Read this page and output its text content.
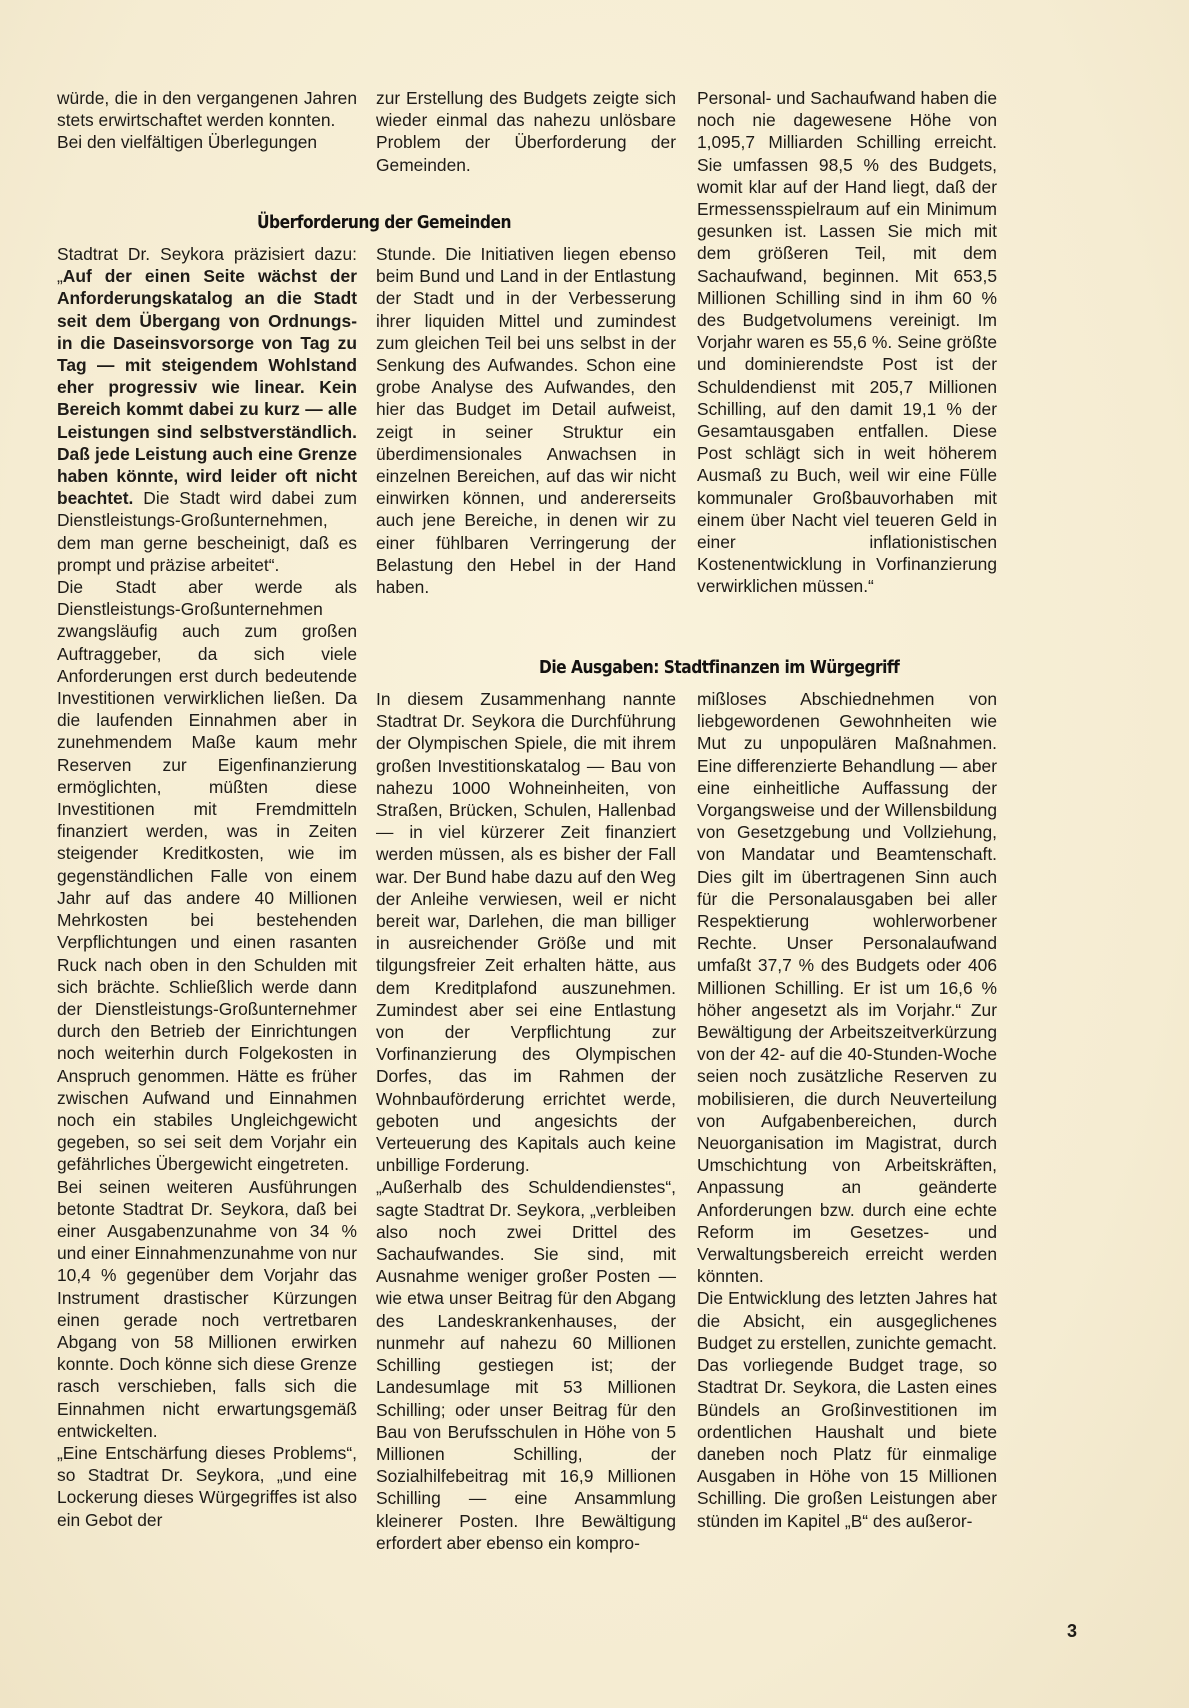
würde, die in den vergangenen Jahren stets erwirtschaftet werden konnten.

Bei den vielfältigen Überlegungen

zur Erstellung des Budgets zeigte sich wieder einmal das nahezu unlösbare Problem der Überforderung der Gemeinden.

Personal- und Sachaufwand haben die noch nie dagewesene Höhe von 1,095,7 Milliarden Schilling erreicht. Sie umfassen 98,5 % des Budgets, womit klar auf der Hand liegt, daß der Ermessensspielraum auf ein Minimum gesunken ist. Lassen Sie mich mit dem größeren Teil, mit dem Sachaufwand, beginnen. Mit 653,5 Millionen Schilling sind in ihm 60 % des Budgetvolumens vereinigt. Im Vorjahr waren es 55,6 %. Seine größte und dominierendste Post ist der Schuldendienst mit 205,7 Millionen Schilling, auf den damit 19,1 % der Gesamtausgaben entfallen. Diese Post schlägt sich in weit höherem Ausmaß zu Buch, weil wir eine Fülle kommunaler Großbauvorhaben mit einem über Nacht viel teueren Geld in einer inflationistischen Kostenentwicklung in Vorfinanzierung verwirklichen müssen.“

Überforderung der Gemeinden

Stadtrat Dr. Seykora präzisiert dazu: „Auf der einen Seite wächst der Anforderungskatalog an die Stadt seit dem Übergang von Ordnungs- in die Daseinsvorsorge von Tag zu Tag — mit steigendem Wohlstand eher progressiv wie linear. Kein Bereich kommt dabei zu kurz — alle Leistungen sind selbstverständlich. Daß jede Leistung auch eine Grenze haben könnte, wird leider oft nicht beachtet. Die Stadt wird dabei zum Dienstleistungs-Großunternehmen, dem man gerne bescheinigt, daß es prompt und präzise arbeitet“.

Die Stadt aber werde als Dienstleistungs-Großunternehmen zwangsläufig auch zum großen Auftraggeber, da sich viele Anforderungen erst durch bedeutende Investitionen verwirklichen ließen. Da die laufenden Einnahmen aber in zunehmendem Maße kaum mehr Reserven zur Eigenfinanzierung ermöglichten, müßten diese Investitionen mit Fremdmitteln finanziert werden, was in Zeiten steigender Kreditkosten, wie im gegenständlichen Falle von einem Jahr auf das andere 40 Millionen Mehrkosten bei bestehenden Verpflichtungen und einen rasanten Ruck nach oben in den Schulden mit sich brächte. Schließlich werde dann der Dienstleistungs-Großunternehmer durch den Betrieb der Einrichtungen noch weiterhin durch Folgekosten in Anspruch genommen. Hätte es früher zwischen Aufwand und Einnahmen noch ein stabiles Ungleichgewicht gegeben, so sei seit dem Vorjahr ein gefährliches Übergewicht eingetreten.

Bei seinen weiteren Ausführungen betonte Stadtrat Dr. Seykora, daß bei einer Ausgabenzunahme von 34 % und einer Einnahmenzunahme von nur 10,4 % gegenüber dem Vorjahr das Instrument drastischer Kürzungen einen gerade noch vertretbaren Abgang von 58 Millionen erwirken konnte. Doch könne sich diese Grenze rasch verschieben, falls sich die Einnahmen nicht erwartungsgemäß entwickelten.

„Eine Entschärfung dieses Problems“, so Stadtrat Dr. Seykora, „und eine Lockerung dieses Würgegriffes ist also ein Gebot der

Stunde. Die Initiativen liegen ebenso beim Bund und Land in der Entlastung der Stadt und in der Verbesserung ihrer liquiden Mittel und zumindest zum gleichen Teil bei uns selbst in der Senkung des Aufwandes. Schon eine grobe Analyse des Aufwandes, den hier das Budget im Detail aufweist, zeigt in seiner Struktur ein überdimensionales Anwachsen in einzelnen Bereichen, auf das wir nicht einwirken können, und andererseits auch jene Bereiche, in denen wir zu einer fühlbaren Verringerung der Belastung den Hebel in der Hand haben.

Die Ausgaben: Stadtfinanzen im Würgegriff

In diesem Zusammenhang nannte Stadtrat Dr. Seykora die Durchführung der Olympischen Spiele, die mit ihrem großen Investitionskatalog — Bau von nahezu 1000 Wohneinheiten, von Straßen, Brücken, Schulen, Hallenbad — in viel kürzerer Zeit finanziert werden müssen, als es bisher der Fall war. Der Bund habe dazu auf den Weg der Anleihe verwiesen, weil er nicht bereit war, Darlehen, die man billiger in ausreichender Größe und mit tilgungsfreier Zeit erhalten hätte, aus dem Kreditplafond auszunehmen. Zumindest aber sei eine Entlastung von der Verpflichtung zur Vorfinanzierung des Olympischen Dorfes, das im Rahmen der Wohnbauförderung errichtet werde, geboten und angesichts der Verteuerung des Kapitals auch keine unbillige Forderung.

„Außerhalb des Schuldendienstes“, sagte Stadtrat Dr. Seykora, „verbleiben also noch zwei Drittel des Sachaufwandes. Sie sind, mit Ausnahme weniger großer Posten — wie etwa unser Beitrag für den Abgang des Landeskrankenhauses, der nunmehr auf nahezu 60 Millionen Schilling gestiegen ist; der Landesumlage mit 53 Millionen Schilling; oder unser Beitrag für den Bau von Berufsschulen in Höhe von 5 Millionen Schilling, der Sozialhilfebeitrag mit 16,9 Millionen Schilling — eine Ansammlung kleinerer Posten. Ihre Bewältigung erfordert aber ebenso ein kompro-

mißloses Abschiednehmen von liebgewordenen Gewohnheiten wie Mut zu unpopulären Maßnahmen. Eine differenzierte Behandlung — aber eine einheitliche Auffassung der Vorgangsweise und der Willensbildung von Gesetzgebung und Vollziehung, von Mandatar und Beamtenschaft. Dies gilt im übertragenen Sinn auch für die Personalausgaben bei aller Respektierung wohlerworbener Rechte. Unser Personalaufwand umfaßt 37,7 % des Budgets oder 406 Millionen Schilling. Er ist um 16,6 % höher angesetzt als im Vorjahr.“ Zur Bewältigung der Arbeitszeitverkürzung von der 42- auf die 40-Stunden-Woche seien noch zusätzliche Reserven zu mobilisieren, die durch Neuverteilung von Aufgabenbereichen, durch Neuorganisation im Magistrat, durch Umschichtung von Arbeitskräften, Anpassung an geänderte Anforderungen bzw. durch eine echte Reform im Gesetzes- und Verwaltungsbereich erreicht werden könnten.

Die Entwicklung des letzten Jahres hat die Absicht, ein ausgeglichenes Budget zu erstellen, zunichte gemacht. Das vorliegende Budget trage, so Stadtrat Dr. Seykora, die Lasten eines Bündels an Großinvestitionen im ordentlichen Haushalt und biete daneben noch Platz für einmalige Ausgaben in Höhe von 15 Millionen Schilling. Die großen Leistungen aber stünden im Kapitel „B“ des außeror-

3
